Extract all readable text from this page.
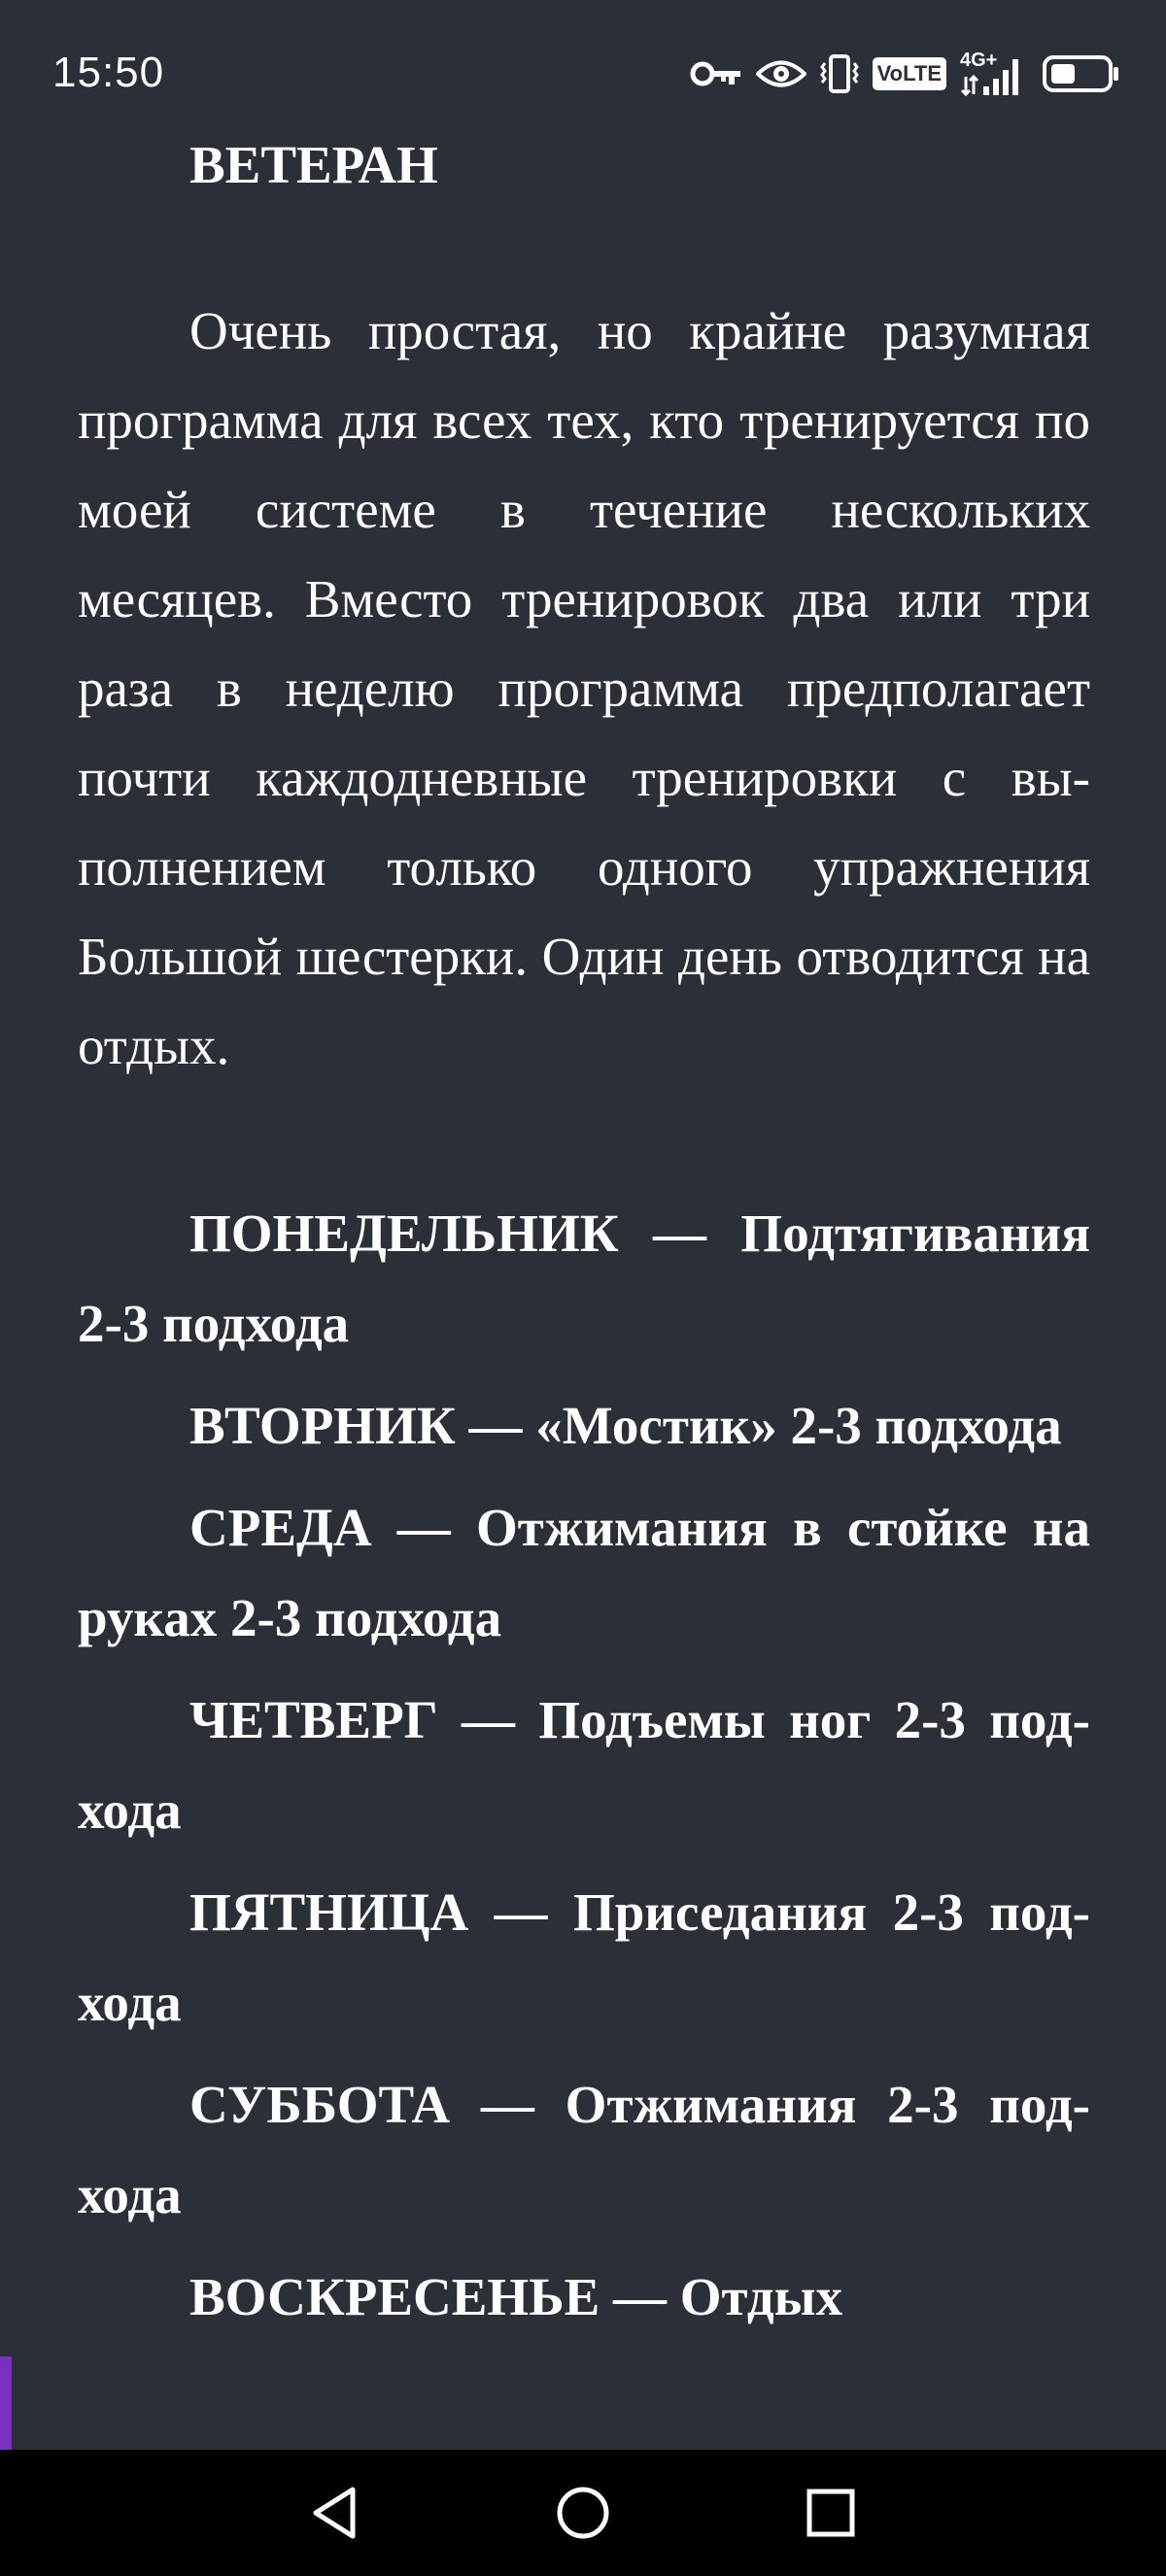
15:50	VoLTE
4G+

ВЕТЕРАН

Очень простая, но крайне разумная программа для всех тех, кто тренируется по моей системе в течение нескольких месяцев. Вместо тренировок два или три раза в неделю программа предполагает почти каждодневные тренировки с выполнением только одного упражнения Большой шестерки. Один день отводится на отдых.

ПОНЕДЕЛЬНИК — Подтягивания 2-3 подхода

ВТОРНИК — «Мостик» 2-3 подхода

СРЕДА — Отжимания в стойке на руках 2-3 подхода

ЧЕТВЕРГ — Подъемы ног 2-3 подхода

ПЯТНИЦА — Приседания 2-3 подхода

СУББОТА — Отжимания 2-3 подхода

ВОСКРЕСЕНЬЕ — Отдых
